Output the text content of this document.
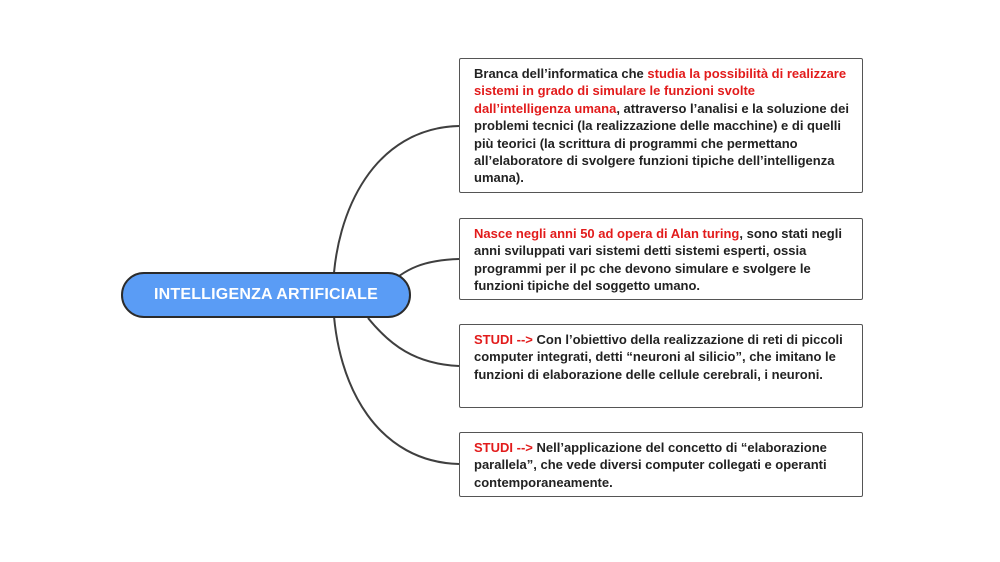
INTELLIGENZA ARTIFICIALE
Branca dell’informatica che studia la possibilità di realizzare sistemi in grado di simulare le funzioni svolte dall’intelligenza umana, attraverso l’analisi e la soluzione dei problemi tecnici (la realizzazione delle macchine) e di quelli più teorici (la scrittura di programmi che permettano all’elaboratore di svolgere funzioni tipiche dell’intelligenza umana).
Nasce negli anni 50 ad opera di Alan turing, sono stati negli anni sviluppati vari sistemi detti sistemi esperti, ossia programmi per il pc che devono simulare e svolgere le funzioni tipiche del soggetto umano.
STUDI --> Con l’obiettivo della realizzazione di reti di piccoli computer integrati, detti “neuroni al silicio”, che imitano le funzioni di elaborazione delle cellule cerebrali, i neuroni.
STUDI --> Nell’applicazione del concetto di “elaborazione parallela”, che vede diversi computer collegati e operanti contemporaneamente.
